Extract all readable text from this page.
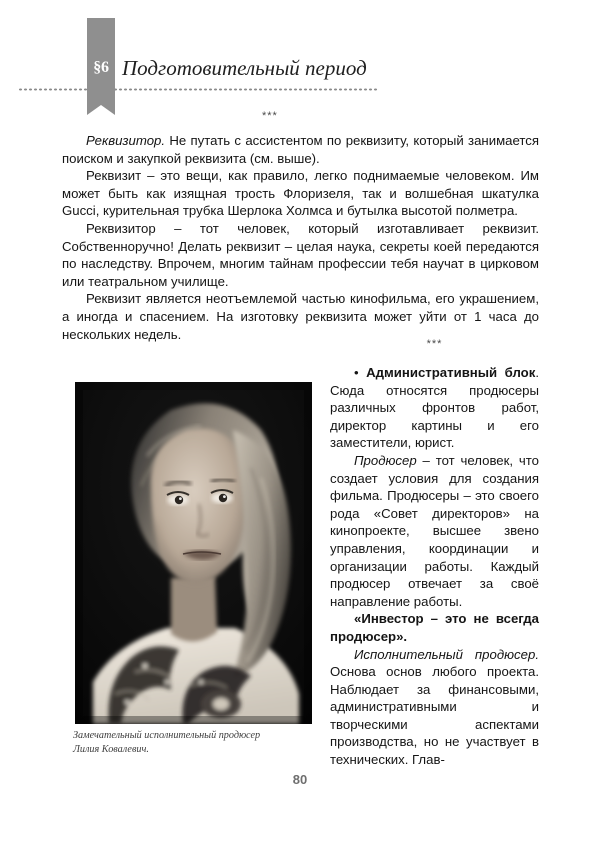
§6 Подготовительный период
***

Реквизитор. Не путать с ассистентом по реквизиту, который занимается поиском и закупкой реквизита (см. выше).

Реквизит – это вещи, как правило, легко поднимаемые человеком. Им может быть как изящная трость Флоризеля, так и волшебная шкатулка Gucci, курительная трубка Шерлока Холмса и бутылка высотой полметра.

Реквизитор – тот человек, который изготавливает реквизит. Собственноручно! Делать реквизит – целая наука, секреты коей передаются по наследству. Впрочем, многим тайнам профессии тебя научат в цирковом или театральном училище.

Реквизит является неотъемлемой частью кинофильма, его украшением, а иногда и спасением. На изготовку реквизита может уйти от 1 часа до нескольких недель.

Замечательный исполнительный продюсер
Лилия Ковалевич.
***

• Административный блок. Сюда относятся продюсеры различных фронтов работ, директор картины и его заместители, юрист.

Продюсер – тот человек, что создает условия для создания фильма. Продюсеры – это своего рода «Совет директоров» на кинопроекте, высшее звено управления, координации и организации работы. Каждый продюсер отвечает за своё направление работы.

«Инвестор – это не всегда продюсер».

Исполнительный продюсер. Основа основ любого проекта. Наблюдает за финансовыми, административными и творческими аспектами производства, но не участвует в технических. Глав-

80
